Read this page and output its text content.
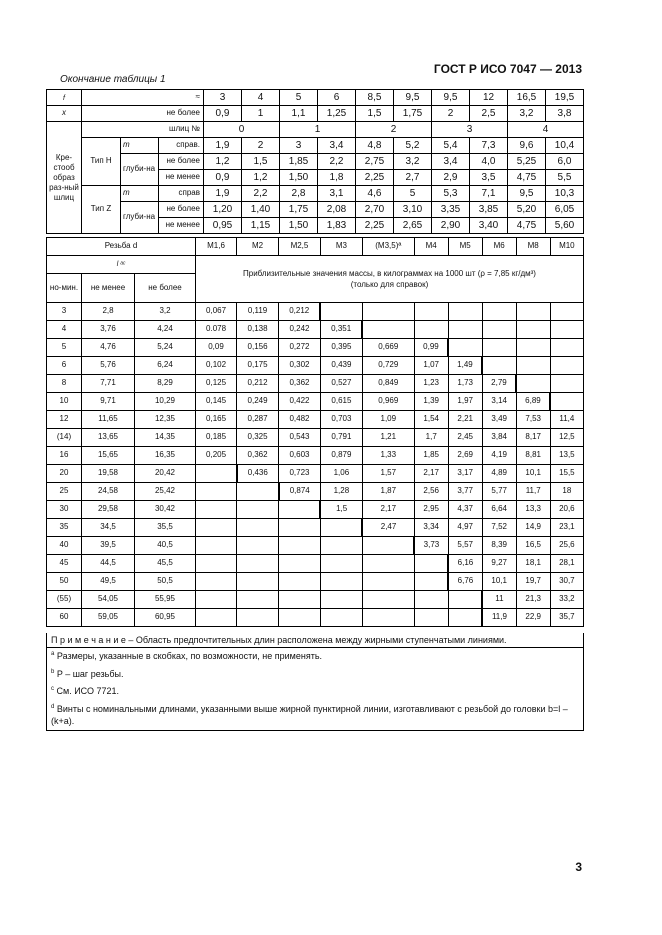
ГОСТ Р ИСО 7047 — 2013
Окончание таблицы 1
f	≈			3	4	5	6	8,5	9,5	9,5	12	16,5	19,5
x	не более			0,9	1	1,1	1,25	1,5	1,75	2	2,5	3,2	3,8
Кре-стооб образ раз-ный шлиц	шлиц №			0		1		2		3		4	
	Тип H	m	справ.	1,9	2	3	3,4	4,8	5,2	5,4	7,3	9,6	10,4
		глуби-на	не более	1,2	1,5	1,85	2,2	2,75	3,2	3,4	4,0	5,25	6,0
			не менее	0,9	1,2	1,50	1,8	2,25	2,7	2,9	3,5	4,75	5,5
	Тип Z	m	справ	1,9	2,2	2,8	3,1	4,6	5	5,3	7,1	9,5	10,3
		глуби-на	не более	1,20	1,40	1,75	2,08	2,70	3,10	3,35	3,85	5,20	6,05
			не менее	0,95	1,15	1,50	1,83	2,25	2,65	2,90	3,40	4,75	5,60
Резьба d			M1,6	M2	M2,5	M3	(M3,5)ª	M4	M5	M6	M8	M10
l ᵃᶜ			Приблизительные значения массы, в килограммах на 1000 шт (ρ = 7,85 кг/дм³)
(только для справок)									

но-мин.	не менее	не более										
3	2,8	3,2	0,067	0,119	0,212							
4	3,76	4,24	0.078	0,138	0,242	0,351						
5	4,76	5,24	0,09	0,156	0,272	0,395	0,669	0,99				
6	5,76	6,24	0,102	0,175	0,302	0,439	0,729	1,07	1,49			
8	7,71	8,29	0,125	0,212	0,362	0,527	0,849	1,23	1,73	2,79		
10	9,71	10,29	0,145	0,249	0,422	0,615	0,969	1,39	1,97	3,14	6,89	
12	11,65	12,35	0,165	0,287	0,482	0,703	1,09	1,54	2,21	3,49	7,53	11,4
(14)	13,65	14,35	0,185	0,325	0,543	0,791	1,21	1,7	2,45	3,84	8,17	12,5
16	15,65	16,35	0,205	0,362	0,603	0,879	1,33	1,85	2,69	4,19	8,81	13,5
20	19,58	20,42		0,436	0,723	1,06	1,57	2,17	3,17	4,89	10,1	15,5
25	24,58	25,42			0,874	1,28	1,87	2,56	3,77	5,77	11,7	18
30	29,58	30,42				1,5	2,17	2,95	4,37	6,64	13,3	20,6
35	34,5	35,5					2,47	3,34	4,97	7,52	14,9	23,1
40	39,5	40,5						3,73	5,57	8,39	16,5	25,6
45	44,5	45,5							6,16	9,27	18,1	28,1
50	49,5	50,5							6,76	10,1	19,7	30,7
(55)	54,05	55,95								11	21,3	33,2
60	59,05	60,95								11,9	22,9	35,7
П р и м е ч а н и е – Область предпочтительных длин расположена между жирными ступенчатыми линиями.
$^a$ Размеры, указанные в скобках, по возможности, не применять.
$^b$ P – шаг резьбы.
$^c$ См. ИСО 7721.
$^d$ Винты с номинальными длинами, указанными выше жирной пунктирной линии, изготавливают с резьбой до головки b=l – (k+a).
3
